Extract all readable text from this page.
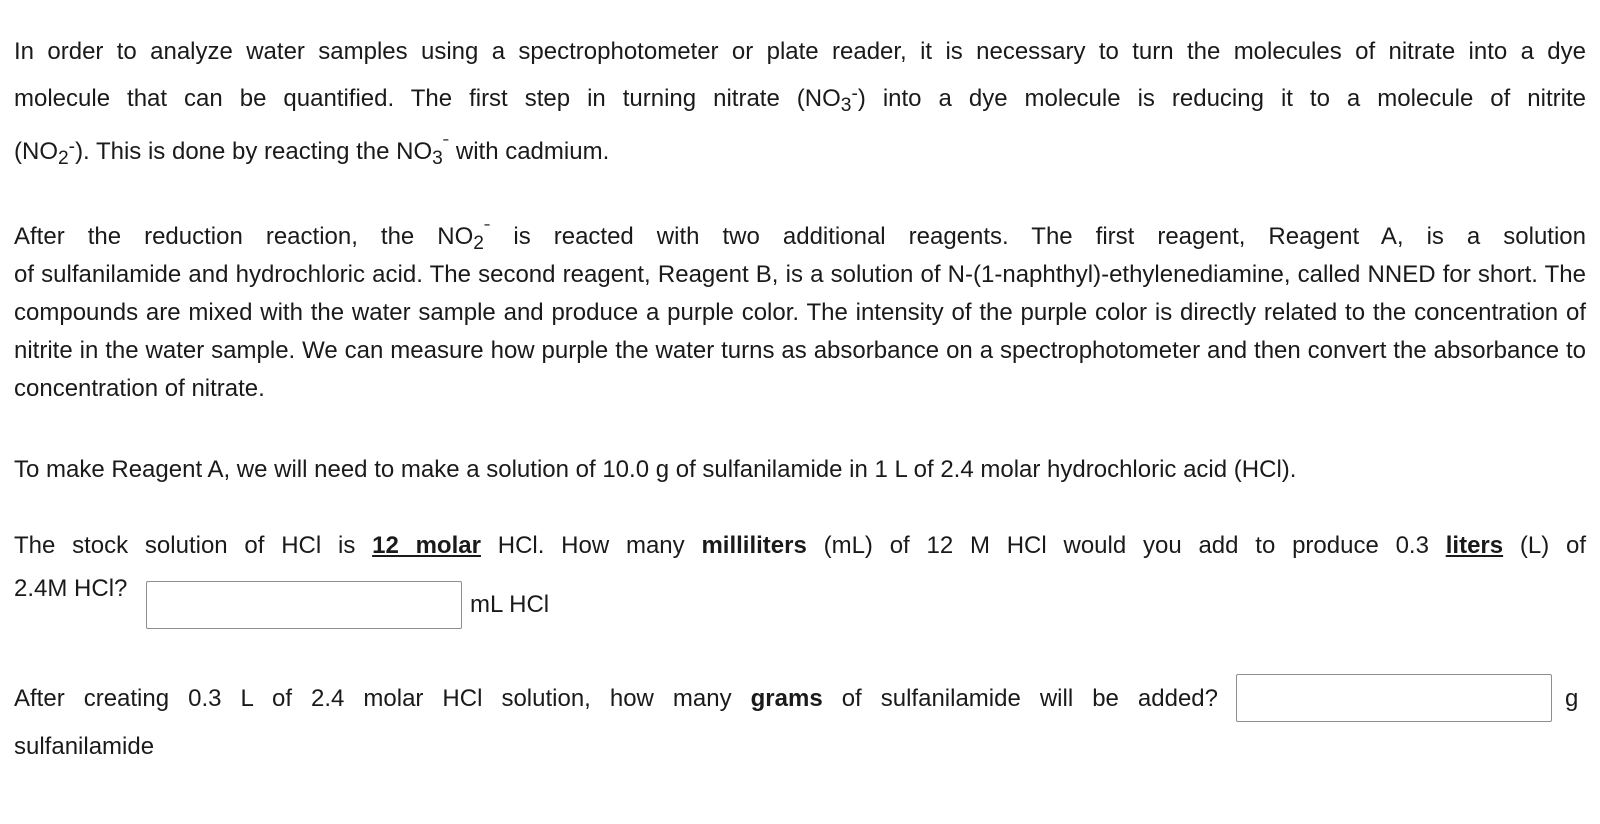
In order to analyze water samples using a spectrophotometer or plate reader, it is necessary to turn the molecules of nitrate into a dye
molecule that can be quantified. The first step in turning nitrate $(NO_3^-)$ into a dye molecule is reducing it to a molecule of nitrite
$(NO_2^-)$. This is done by reacting the $NO_3^ˉ$ with cadmium.
After the reduction reaction, the $NO_2^ˉ$ is reacted with two additional reagents. The first reagent, Reagent A, is a solution
of sulfanilamide and hydrochloric acid. The second reagent, Reagent B, is a solution of N-(1-naphthyl)-ethylenediamine, called NNED for short. The compounds are mixed with the water sample and produce a purple color. The intensity of the purple color is directly related to the concentration of nitrite in the water sample. We can measure how purple the water turns as absorbance on a spectrophotometer and then convert the absorbance to concentration of nitrate.
To make Reagent A, we will need to make a solution of 10.0 g of sulfanilamide in 1 L of 2.4 molar hydrochloric acid (HCl).
The stock solution of HCl is 12 molar HCl. How many milliliters (mL) of 12 M HCl would you add to produce 0.3 liters (L) of
2.4M HCl?
mL HCl
After creating 0.3 L of 2.4 molar HCl solution, how many grams of sulfanilamide will be added?	g
sulfanilamide
